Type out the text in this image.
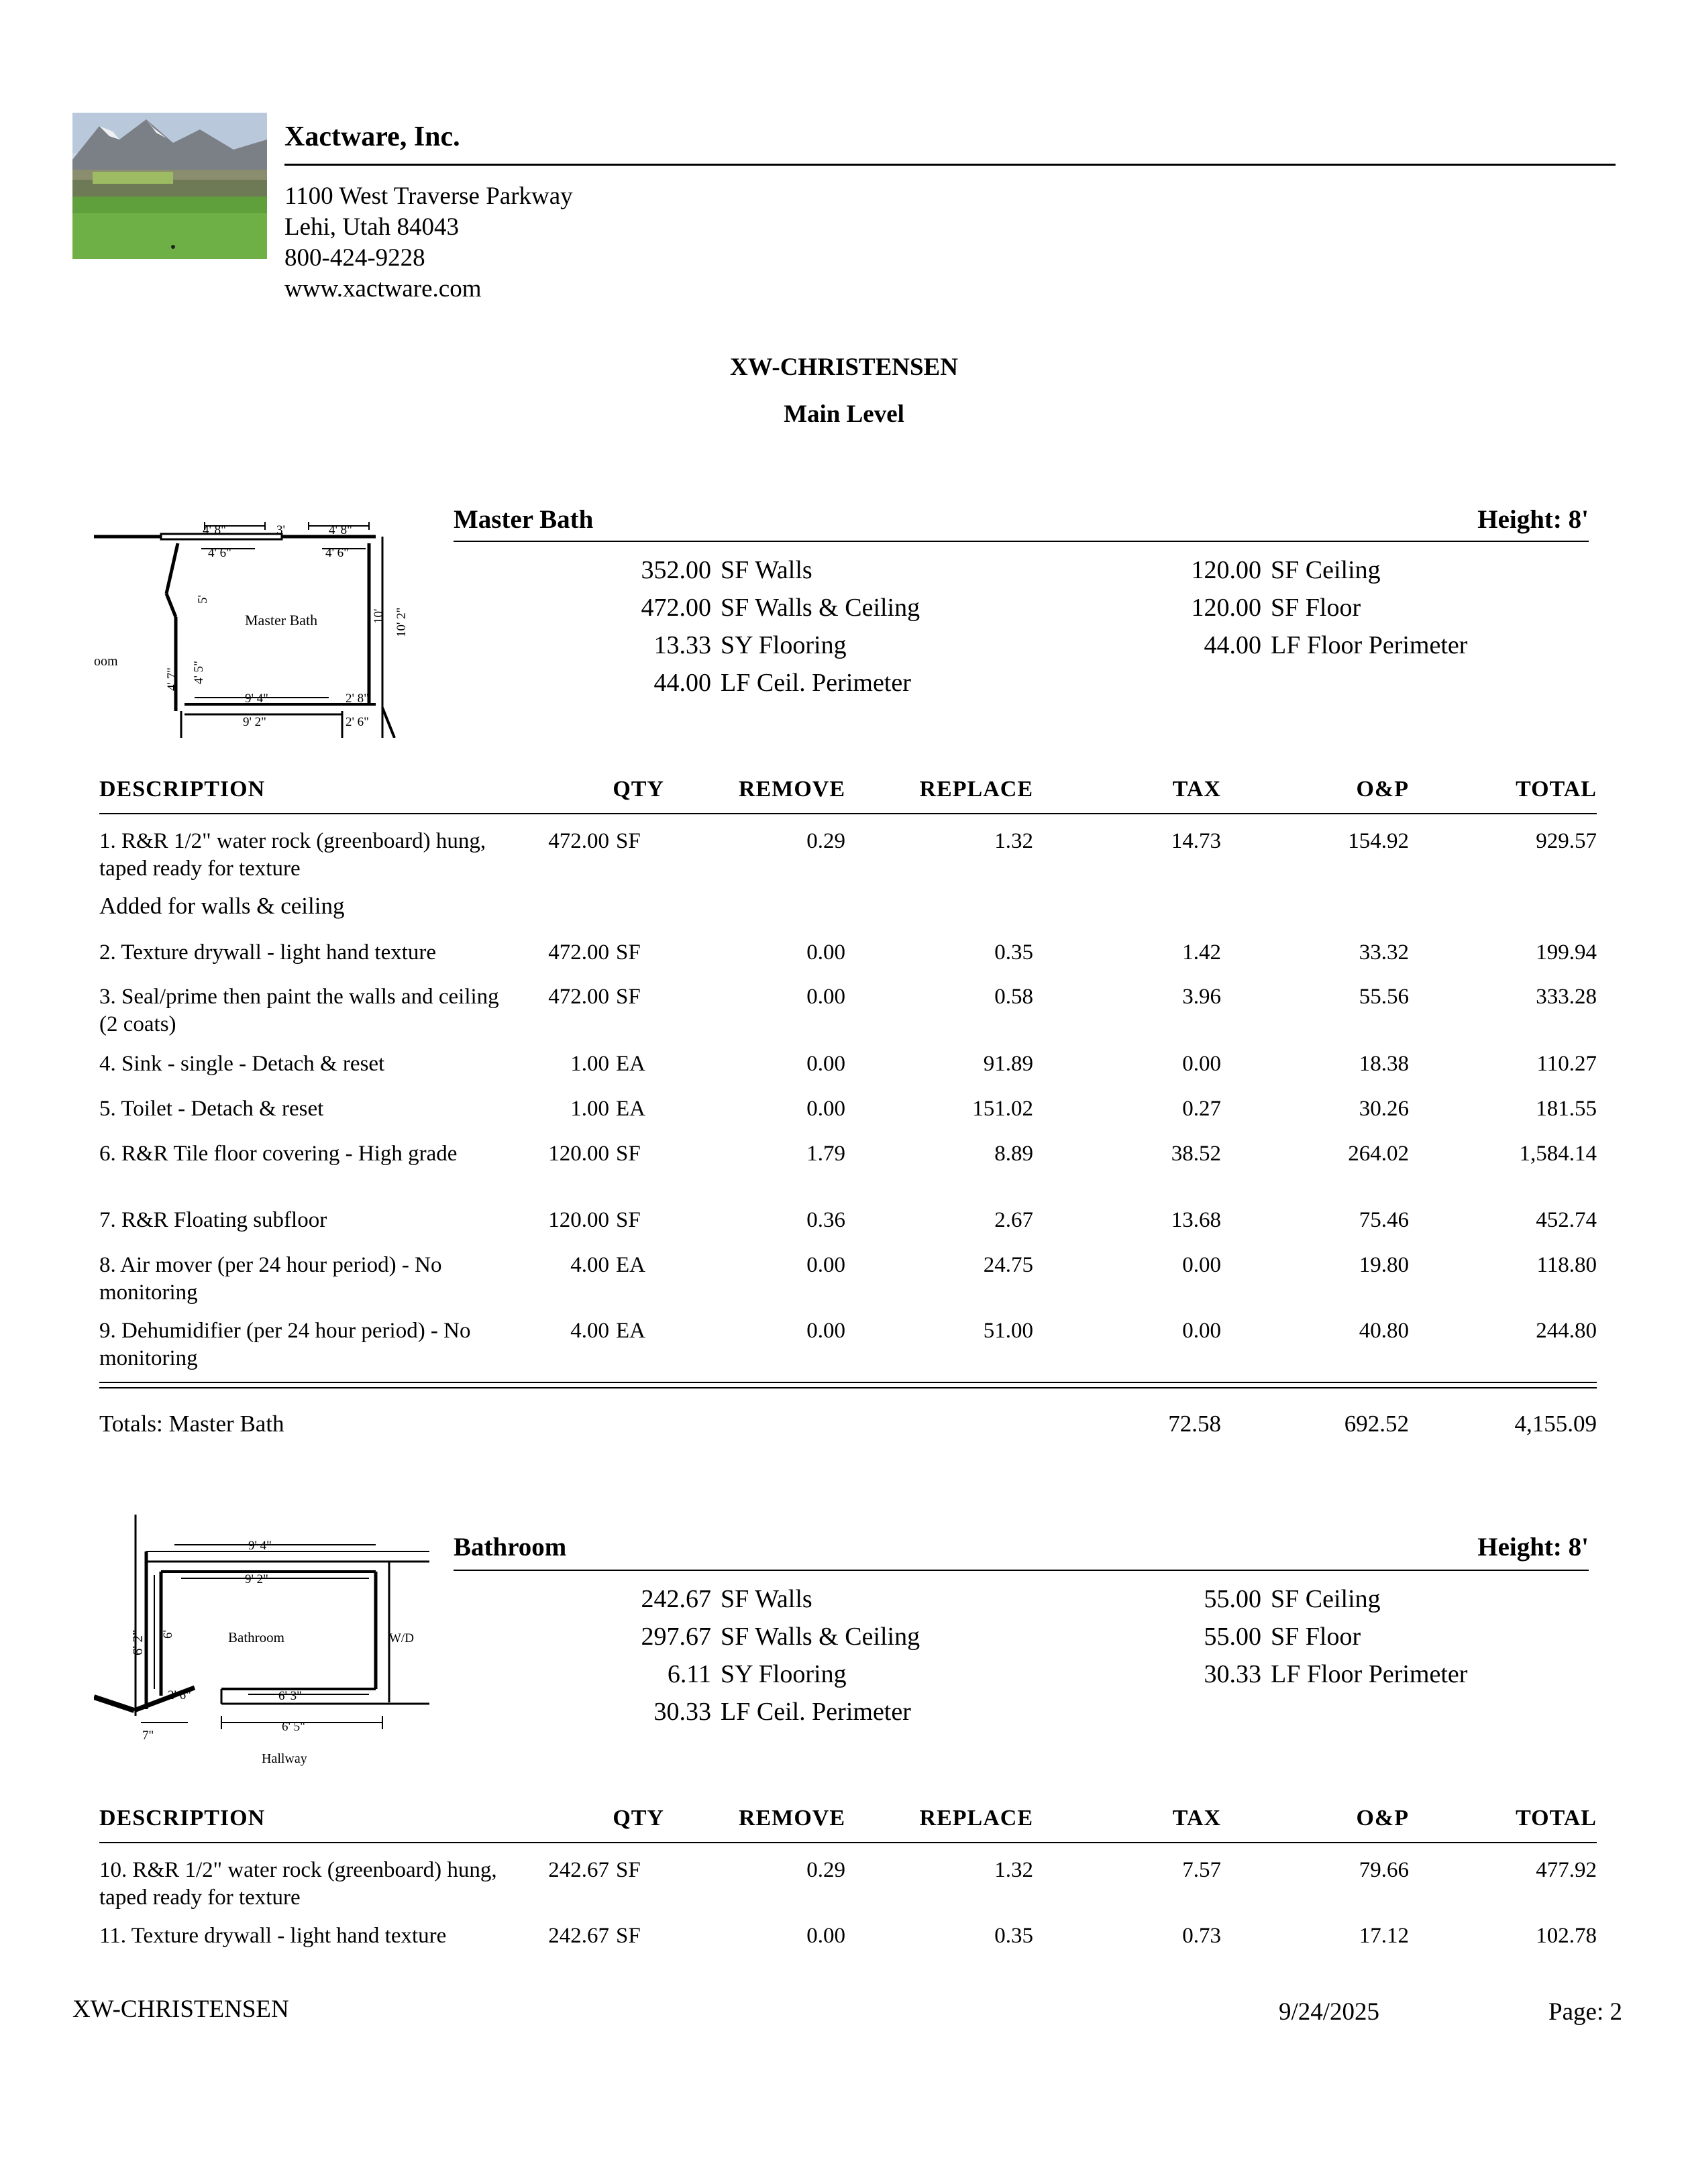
Xactware, Inc.
1100 West Traverse Parkway
Lehi, Utah 84043
800-424-9228
www.xactware.com
XW-CHRISTENSEN
Main Level
4' 8"	3'	4' 8"
4' 6"	4' 6"
Master Bath
oom
5'
10' 10' 2"
4' 7" 4' 5"
9' 4"	2' 8"
9' 2"	2' 6"
Master Bath	Height: 8'
352.00 SF Walls
472.00 SF Walls & Ceiling
13.33 SY Flooring
44.00 LF Ceil. Perimeter
120.00 SF Ceiling
120.00 SF Floor
44.00 LF Floor Perimeter
DESCRIPTION	QTY	REMOVE	REPLACE	TAX	O&P	TOTAL
1. R&R 1/2" water rock (greenboard) hung, taped ready for texture
472.00 SF	0.29	1.32	14.73	154.92	929.57
Added for walls & ceiling
2. Texture drywall - light hand texture	472.00 SF	0.00	0.35	1.42	33.32	199.94
3. Seal/prime then paint the walls and ceiling (2 coats)
472.00 SF	0.00	0.58	3.96	55.56	333.28
4. Sink - single - Detach & reset	1.00 EA	0.00	91.89	0.00	18.38	110.27
5. Toilet - Detach & reset	1.00 EA	0.00	151.02	0.27	30.26	181.55
6. R&R Tile floor covering - High grade	120.00 SF	1.79	8.89	38.52	264.02	1,584.14
7. R&R Floating subfloor	120.00 SF	0.36	2.67	13.68	75.46	452.74
8. Air mover (per 24 hour period) - No monitoring
4.00 EA	0.00	24.75	0.00	19.80	118.80
9. Dehumidifier (per 24 hour period) - No monitoring
4.00 EA	0.00	51.00	0.00	40.80	244.80
Totals: Master Bath	72.58	692.52	4,155.09
9' 4"
9' 2"
6' 2" 6'	Bathroom	W/D
2' 6"	6' 3"
7"
6' 5"
Hallway
Bathroom	Height: 8'
242.67 SF Walls
297.67 SF Walls & Ceiling
6.11 SY Flooring
30.33 LF Ceil. Perimeter
55.00 SF Ceiling
55.00 SF Floor
30.33 LF Floor Perimeter
DESCRIPTION	QTY	REMOVE	REPLACE	TAX	O&P	TOTAL
10. R&R 1/2" water rock (greenboard) hung, taped ready for texture
242.67 SF	0.29	1.32	7.57	79.66	477.92
11. Texture drywall - light hand texture	242.67 SF	0.00	0.35	0.73	17.12	102.78
XW-CHRISTENSEN	9/24/2025	Page: 2
